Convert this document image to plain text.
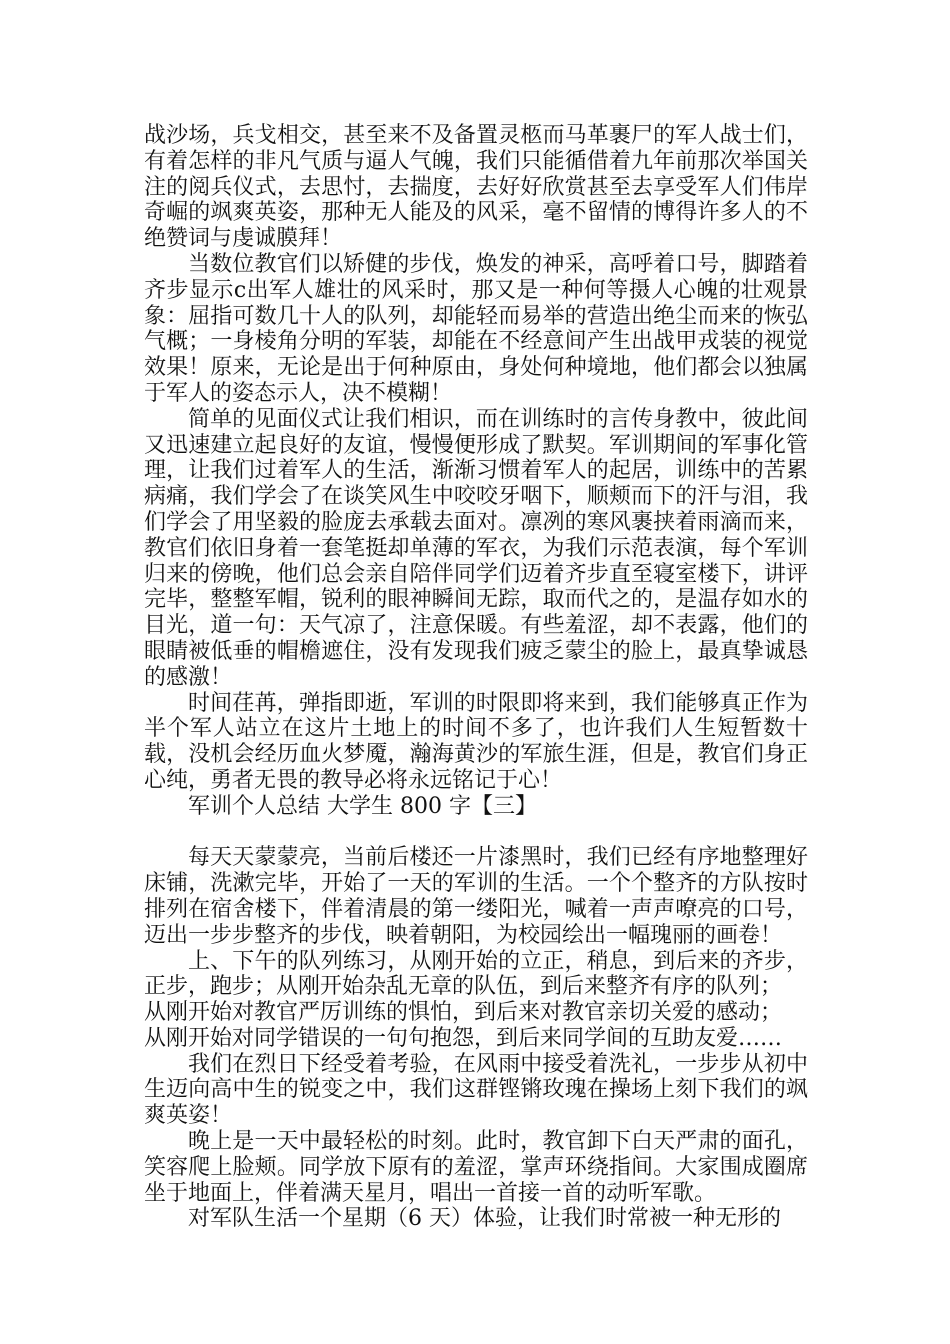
战沙场，兵戈相交，甚至来不及备置灵柩而马革裹尸的军人战士们，有着怎样的非凡气质与逼人气魄，我们只能循借着九年前那次举国关注的阅兵仪式，去思忖，去揣度，去好好欣赏甚至去享受军人们伟岸奇崛的飒爽英姿，那种无人能及的风采，毫不留情的博得许多人的不绝赞词与虔诚膜拜！

当数位教官们以矫健的步伐，焕发的神采，高呼着口号，脚踏着齐步显示c出军人雄壮的风采时，那又是一种何等摄人心魄的壮观景象：屈指可数几十人的队列，却能轻而易举的营造出绝尘而来的恢弘气概；一身棱角分明的军装，却能在不经意间产生出战甲戎装的视觉效果！原来，无论是出于何种原由，身处何种境地，他们都会以独属于军人的姿态示人，决不模糊！

简单的见面仪式让我们相识，而在训练时的言传身教中，彼此间又迅速建立起良好的友谊，慢慢便形成了默契。军训期间的军事化管理，让我们过着军人的生活，渐渐习惯着军人的起居，训练中的苦累病痛，我们学会了在谈笑风生中咬咬牙咽下，顺颊而下的汗与泪，我们学会了用坚毅的脸庞去承载去面对。凛冽的寒风裹挟着雨滴而来，教官们依旧身着一套笔挺却单薄的军衣，为我们示范表演，每个军训归来的傍晚，他们总会亲自陪伴同学们迈着齐步直至寝室楼下，讲评完毕，整整军帽，锐利的眼神瞬间无踪，取而代之的，是温存如水的目光，道一句：天气凉了，注意保暖。有些羞涩，却不表露，他们的眼睛被低垂的帽檐遮住，没有发现我们疲乏蒙尘的脸上，最真挚诚恳的感激！

时间荏苒，弹指即逝，军训的时限即将来到，我们能够真正作为半个军人站立在这片土地上的时间不多了，也许我们人生短暂数十载，没机会经历血火梦魇，瀚海黄沙的军旅生涯，但是，教官们身正心纯，勇者无畏的教导必将永远铭记于心！

军训个人总结 大学生 800 字【三】

每天天蒙蒙亮，当前后楼还一片漆黑时，我们已经有序地整理好床铺，洗漱完毕，开始了一天的军训的生活。一个个整齐的方队按时排列在宿舍楼下，伴着清晨的第一缕阳光，喊着一声声嘹亮的口号，迈出一步步整齐的步伐，映着朝阳，为校园绘出一幅瑰丽的画卷！

上、下午的队列练习，从刚开始的立正，稍息，到后来的齐步，正步，跑步；从刚开始杂乱无章的队伍，到后来整齐有序的队列；

从刚开始对教官严厉训练的惧怕，到后来对教官亲切关爱的感动；

从刚开始对同学错误的一句句抱怨，到后来同学间的互助友爱……

我们在烈日下经受着考验，在风雨中接受着洗礼，一步步从初中生迈向高中生的锐变之中，我们这群铿锵玫瑰在操场上刻下我们的飒爽英姿！

晚上是一天中最轻松的时刻。此时，教官卸下白天严肃的面孔，笑容爬上脸颊。同学放下原有的羞涩，掌声环绕指间。大家围成圈席坐于地面上，伴着满天星月，唱出一首接一首的动听军歌。

对军队生活一个星期（6 天）体验，让我们时常被一种无形的
